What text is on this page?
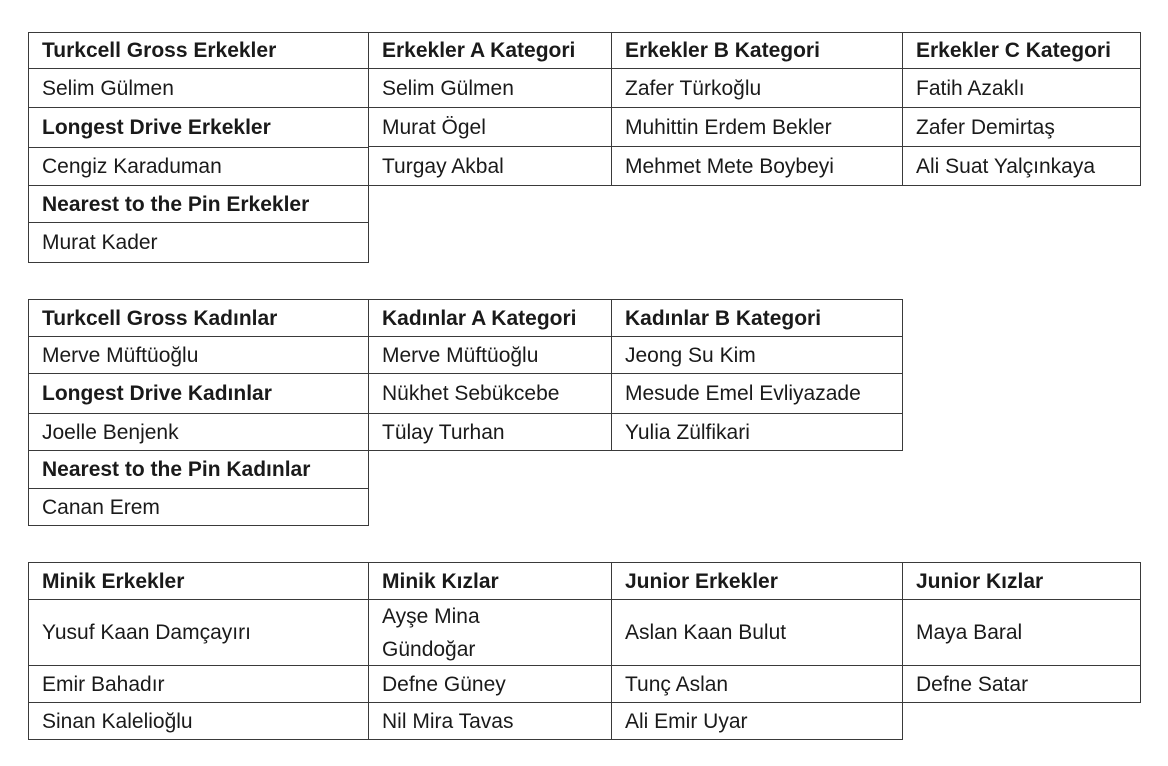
Turkcell Gross Erkekler
Selim Gülmen
Longest Drive Erkekler
Cengiz Karaduman
Nearest to the Pin Erkekler
Murat Kader
Erkekler A Kategori
Selim Gülmen
Murat Ögel
Turgay Akbal
Erkekler B Kategori
Zafer Türkoğlu
Muhittin Erdem Bekler
Mehmet Mete Boybeyi
Erkekler C Kategori
Fatih Azaklı
Zafer Demirtaş
Ali Suat Yalçınkaya
Turkcell Gross Kadınlar
Merve Müftüoğlu
Longest Drive Kadınlar
Joelle Benjenk
Nearest to the Pin Kadınlar
Canan Erem
Kadınlar A Kategori
Merve Müftüoğlu
Nükhet Sebükcebe
Tülay Turhan
Kadınlar B Kategori
Jeong Su Kim
Mesude Emel Evliyazade
Yulia Zülfikari
Minik Erkekler
Yusuf Kaan Damçayırı
Emir Bahadır
Sinan Kalelioğlu
Minik Kızlar
Ayşe Mina Gündoğar
Defne Güney
Nil Mira Tavas
Junior Erkekler
Aslan Kaan Bulut
Tunç Aslan
Ali Emir Uyar
Junior Kızlar
Maya Baral
Defne Satar
